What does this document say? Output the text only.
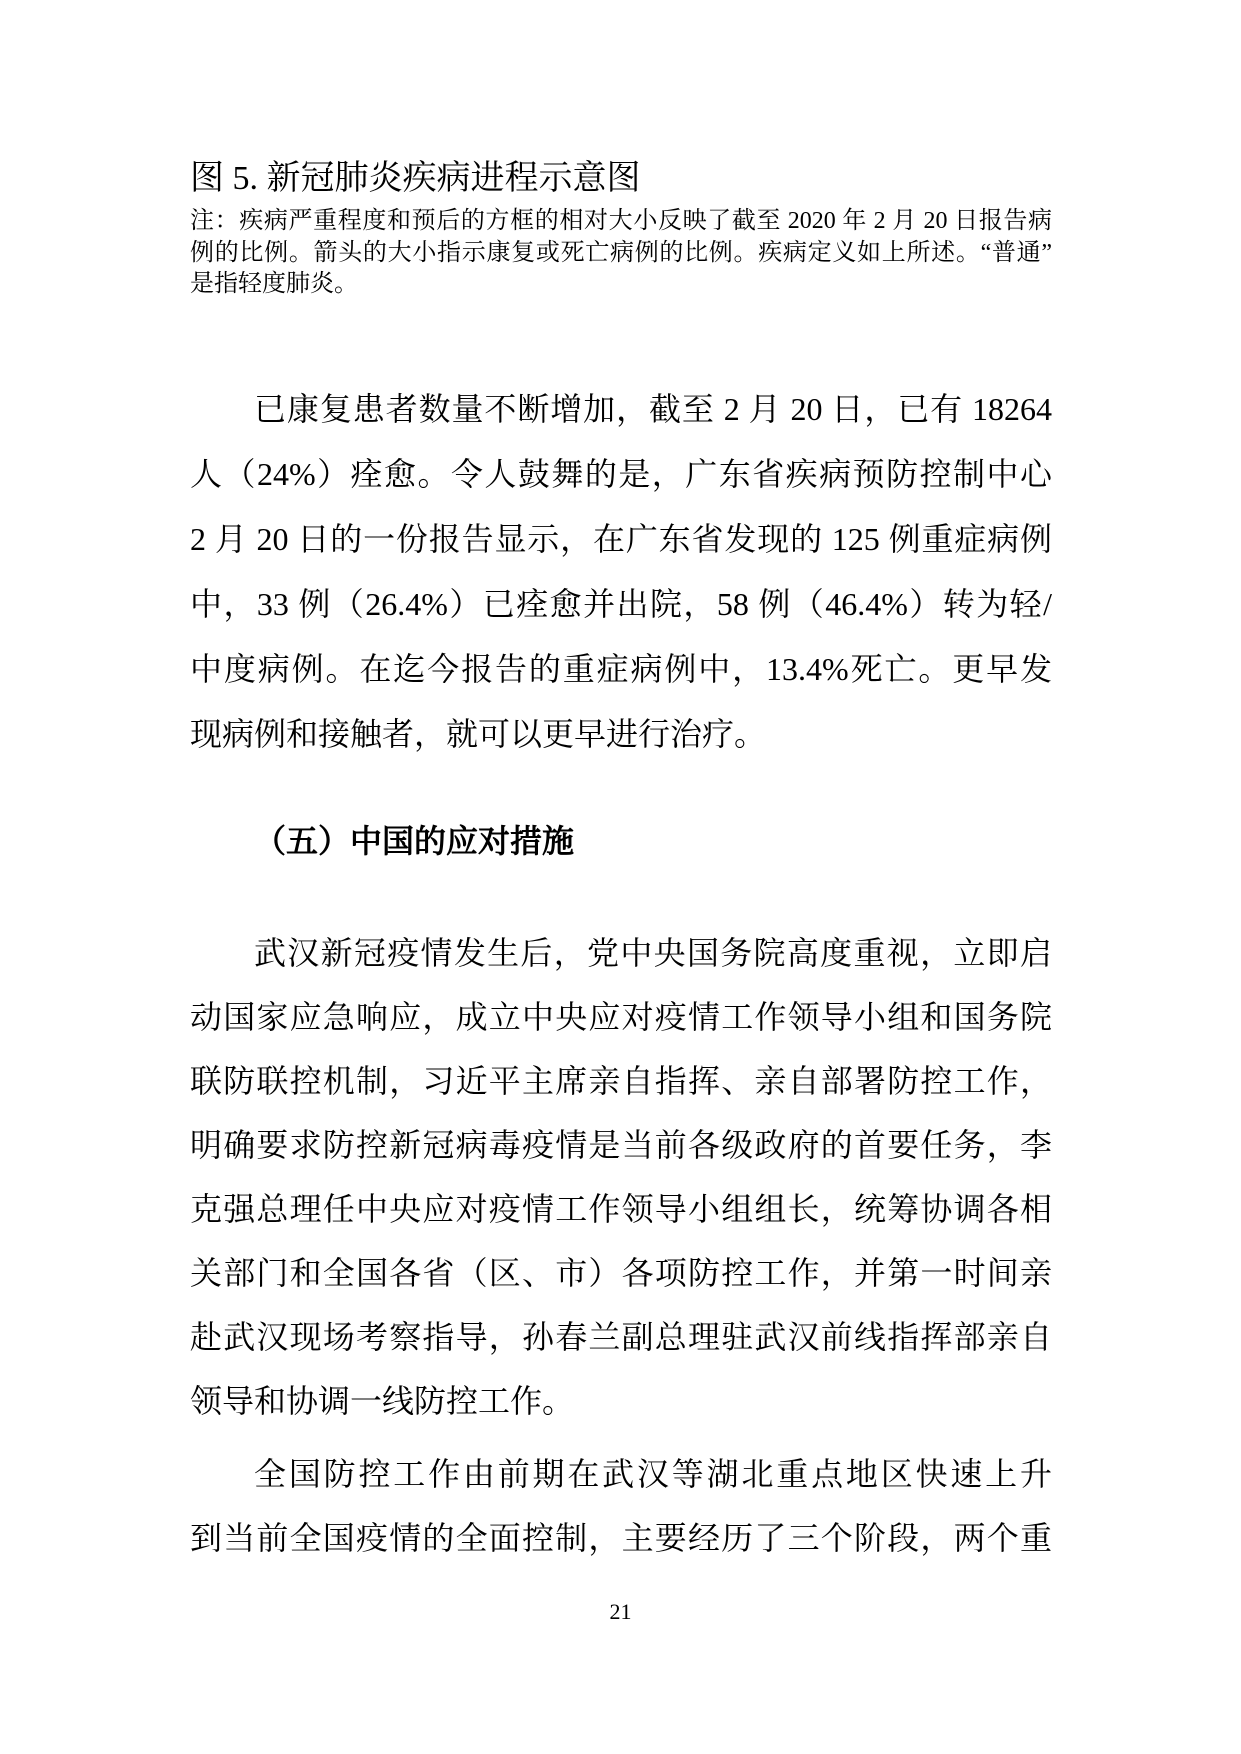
图 5. 新冠肺炎疾病进程示意图
注：疾病严重程度和预后的方框的相对大小反映了截至 2020 年 2 月 20 日报告病
例的比例。箭头的大小指示康复或死亡病例的比例。疾病定义如上所述。“普通”
是指轻度肺炎。
已康复患者数量不断增加，截至 2 月 20 日，已有 18264
人（24%）痊愈。令人鼓舞的是，广东省疾病预防控制中心
2 月 20 日的一份报告显示，在广东省发现的 125 例重症病例
中，33 例（26.4%）已痊愈并出院，58 例（46.4%）转为轻/
中度病例。在迄今报告的重症病例中，13.4%死亡。更早发
现病例和接触者，就可以更早进行治疗。
（五）中国的应对措施
武汉新冠疫情发生后，党中央国务院高度重视，立即启
动国家应急响应，成立中央应对疫情工作领导小组和国务院
联防联控机制，习近平主席亲自指挥、亲自部署防控工作，
明确要求防控新冠病毒疫情是当前各级政府的首要任务，李
克强总理任中央应对疫情工作领导小组组长，统筹协调各相
关部门和全国各省（区、市）各项防控工作，并第一时间亲
赴武汉现场考察指导，孙春兰副总理驻武汉前线指挥部亲自
领导和协调一线防控工作。
全国防控工作由前期在武汉等湖北重点地区快速上升
到当前全国疫情的全面控制，主要经历了三个阶段，两个重
21
